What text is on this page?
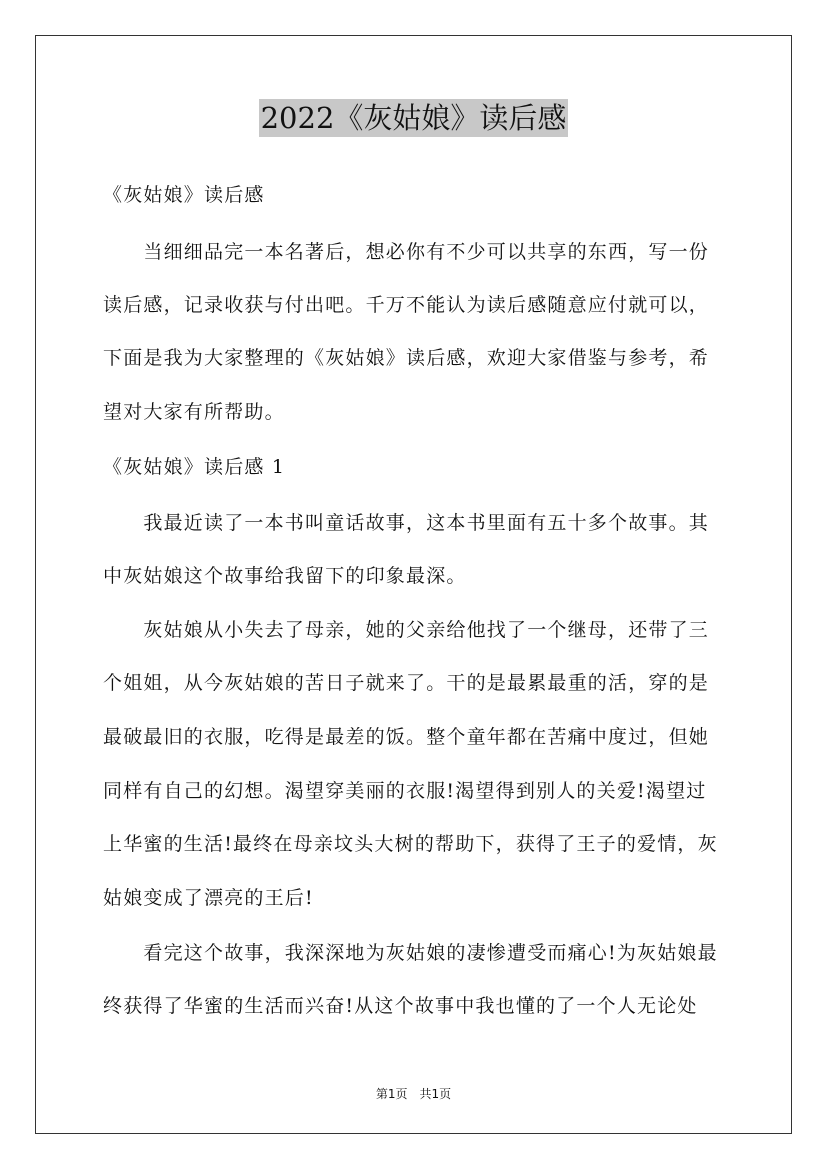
2022《灰姑娘》读后感
《灰姑娘》读后感
　　当细细品完一本名著后，想必你有不少可以共享的东西，写一份
读后感，记录收获与付出吧。千万不能认为读后感随意应付就可以，
下面是我为大家整理的《灰姑娘》读后感，欢迎大家借鉴与参考，希
望对大家有所帮助。
《灰姑娘》读后感 1
　　我最近读了一本书叫童话故事，这本书里面有五十多个故事。其
中灰姑娘这个故事给我留下的印象最深。
　　灰姑娘从小失去了母亲，她的父亲给他找了一个继母，还带了三
个姐姐，从今灰姑娘的苦日子就来了。干的是最累最重的活，穿的是
最破最旧的衣服，吃得是最差的饭。整个童年都在苦痛中度过，但她
同样有自己的幻想。渴望穿美丽的衣服!渴望得到别人的关爱!渴望过
上华蜜的生活!最终在母亲坟头大树的帮助下，获得了王子的爱情，灰
姑娘变成了漂亮的王后!
　　看完这个故事，我深深地为灰姑娘的凄惨遭受而痛心!为灰姑娘最
终获得了华蜜的生活而兴奋!从这个故事中我也懂的了一个人无论处
第1页　共1页
